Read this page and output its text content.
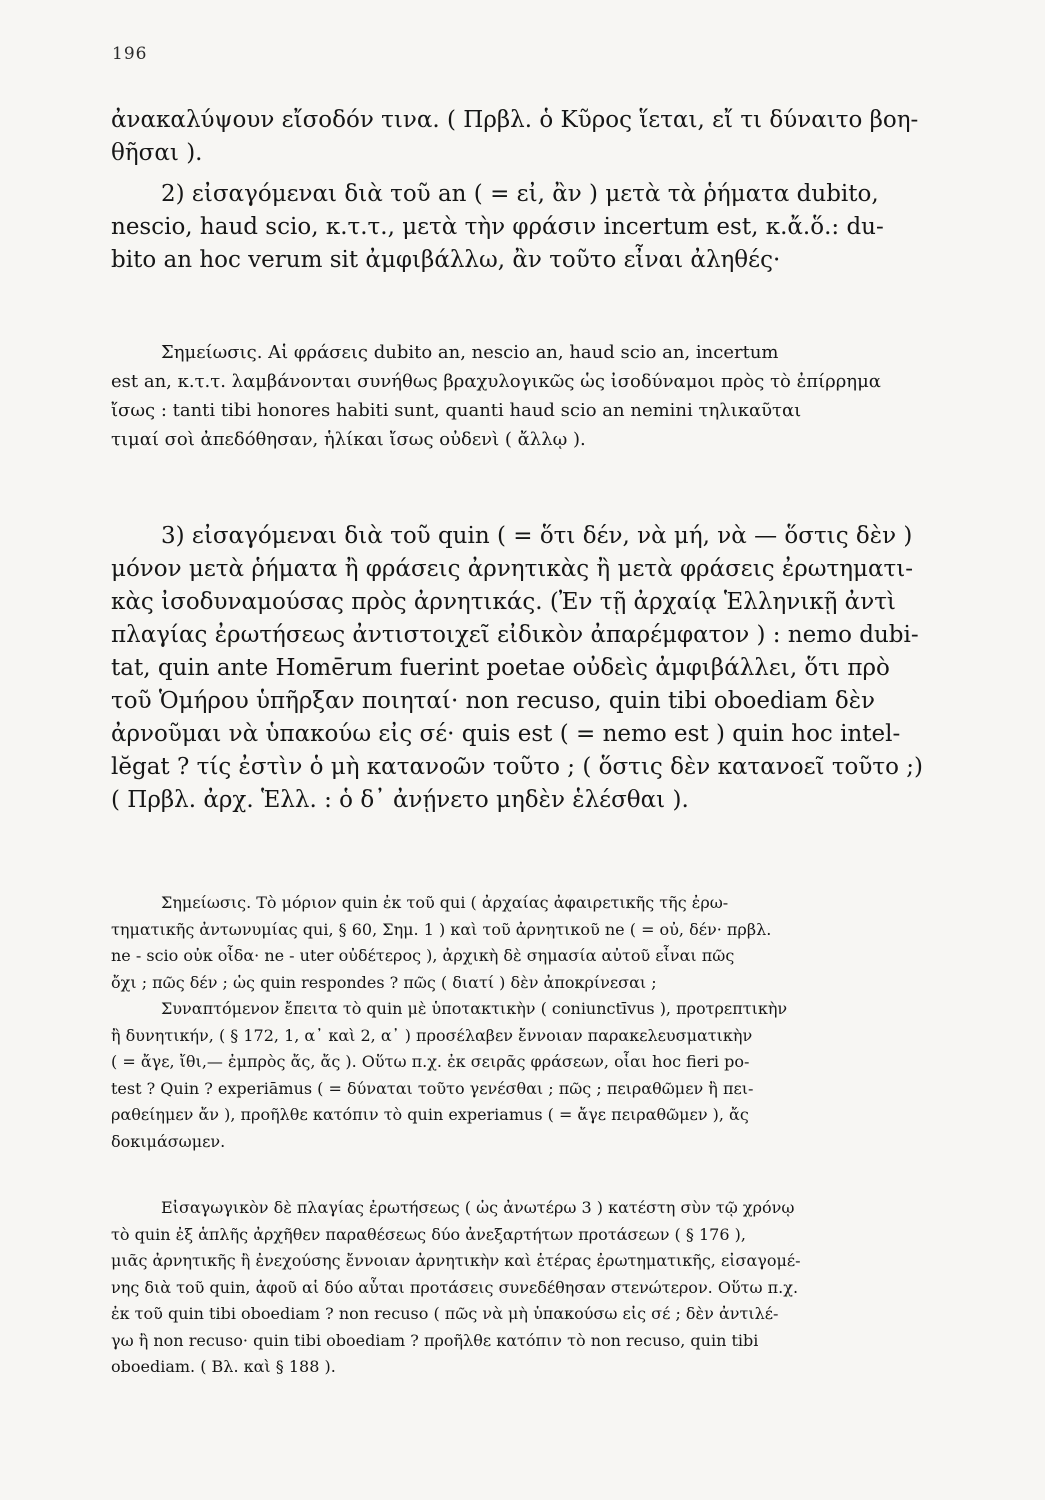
196
ἀνακαλύψουν εἴσοδόν τινα. ( Πρβλ. ὁ Κῦρος ἵεται, εἴ τι δύναιτο βοη-
θῆσαι ).
2) εἰσαγόμεναι διὰ τοῦ an ( = εἰ, ἂν ) μετὰ τὰ ῥήματα dubito,
nescio, haud scio, κ.τ.τ., μετὰ τὴν φράσιν incertum est, κ.ἄ.ὅ.: du-
bito an hoc verum sit ἀμφιβάλλω, ἂν τοῦτο εἶναι ἀληθές·
Σημείωσις. Αἱ φράσεις dubito an, nescio an, haud scio an, incertum
est an, κ.τ.τ. λαμβάνονται συνήθως βραχυλογικῶς ὡς ἰσοδύναμοι πρὸς τὸ ἐπίρρημα
ἴσως : tanti tibi honores habiti sunt, quanti haud scio an nemini τηλικαῦται
τιμαί σοὶ ἀπεδόθησαν, ἡλίκαι ἴσως οὐδενὶ ( ἄλλῳ ).
3) εἰσαγόμεναι διὰ τοῦ quin ( = ὅτι δέν, νὰ μή, νὰ — ὅστις δὲν )
μόνον μετὰ ῥήματα ἢ φράσεις ἀρνητικὰς ἢ μετὰ φράσεις ἐρωτηματι-
κὰς ἰσοδυναμούσας πρὸς ἀρνητικάς. (Ἐν τῇ ἀρχαίᾳ Ἑλληνικῇ ἀντὶ
πλαγίας ἐρωτήσεως ἀντιστοιχεῖ εἰδικὸν ἀπαρέμφατον ) : nemo dubi-
tat, quin ante Homērum fuerint poetae οὐδεὶς ἀμφιβάλλει, ὅτι πρὸ
τοῦ Ὁμήρου ὑπῆρξαν ποιηταί· non recuso, quin tibi oboediam δὲν
ἀρνοῦμαι νὰ ὑπακούω εἰς σέ· quis est ( = nemo est ) quin hoc intel-
lĕgat ? τίς ἐστὶν ὁ μὴ κατανοῶν τοῦτο ; ( ὅστις δὲν κατανοεῖ τοῦτο ;)
( Πρβλ. ἀρχ. Ἑλλ. : ὁ δ᾽ ἀνῄνετο μηδὲν ἑλέσθαι ).
Σημείωσις. Τὸ μόριον quin ἐκ τοῦ qui ( ἀρχαίας ἀφαιρετικῆς τῆς ἐρω-
τηματικῆς ἀντωνυμίας qui, § 60, Σημ. 1 ) καὶ τοῦ ἀρνητικοῦ ne ( = οὐ, δέν· πρβλ.
ne - scio οὐκ οἶδα· ne - uter οὐδέτερος ), ἀρχικὴ δὲ σημασία αὐτοῦ εἶναι πῶς
ὄχι ; πῶς δέν ; ὡς quin respondes ? πῶς ( διατί ) δὲν ἀποκρίνεσαι ;
Συναπτόμενον ἔπειτα τὸ quin μὲ ὑποτακτικὴν ( coniunctīvus ), προτρεπτικὴν
ἢ δυνητικήν, ( § 172, 1, α᾽ καὶ 2, α᾽ ) προσέλαβεν ἔννοιαν παρακελευσματικὴν
( = ἄγε, ἴθι,— ἐμπρὸς ἄς, ἄς ). Οὕτω π.χ. ἐκ σειρᾶς φράσεων, οἷαι hoc fieri po-
test ? Quin ? experiāmus ( = δύναται τοῦτο γενέσθαι ; πῶς ; πειραθῶμεν ἢ πει-
ραθείημεν ἄν ), προῆλθε κατόπιν τὸ quin experiamus ( = ἄγε πειραθῶμεν ), ἄς
δοκιμάσωμεν.
Εἰσαγωγικὸν δὲ πλαγίας ἐρωτήσεως ( ὡς ἀνωτέρω 3 ) κατέστη σὺν τῷ χρόνῳ
τὸ quin ἐξ ἁπλῆς ἀρχῆθεν παραθέσεως δύο ἀνεξαρτήτων προτάσεων ( § 176 ),
μιᾶς ἀρνητικῆς ἢ ἐνεχούσης ἔννοιαν ἀρνητικὴν καὶ ἑτέρας ἐρωτηματικῆς, εἰσαγομέ-
νης διὰ τοῦ quin, ἀφοῦ αἱ δύο αὗται προτάσεις συνεδέθησαν στενώτερον. Οὕτω π.χ.
ἐκ τοῦ quin tibi oboediam ? non recuso ( πῶς νὰ μὴ ὑπακούσω εἰς σέ ; δὲν ἀντιλέ-
γω ἢ non recuso· quin tibi oboediam ? προῆλθε κατόπιν τὸ non recuso, quin tibi
oboediam. ( Βλ. καὶ § 188 ).
